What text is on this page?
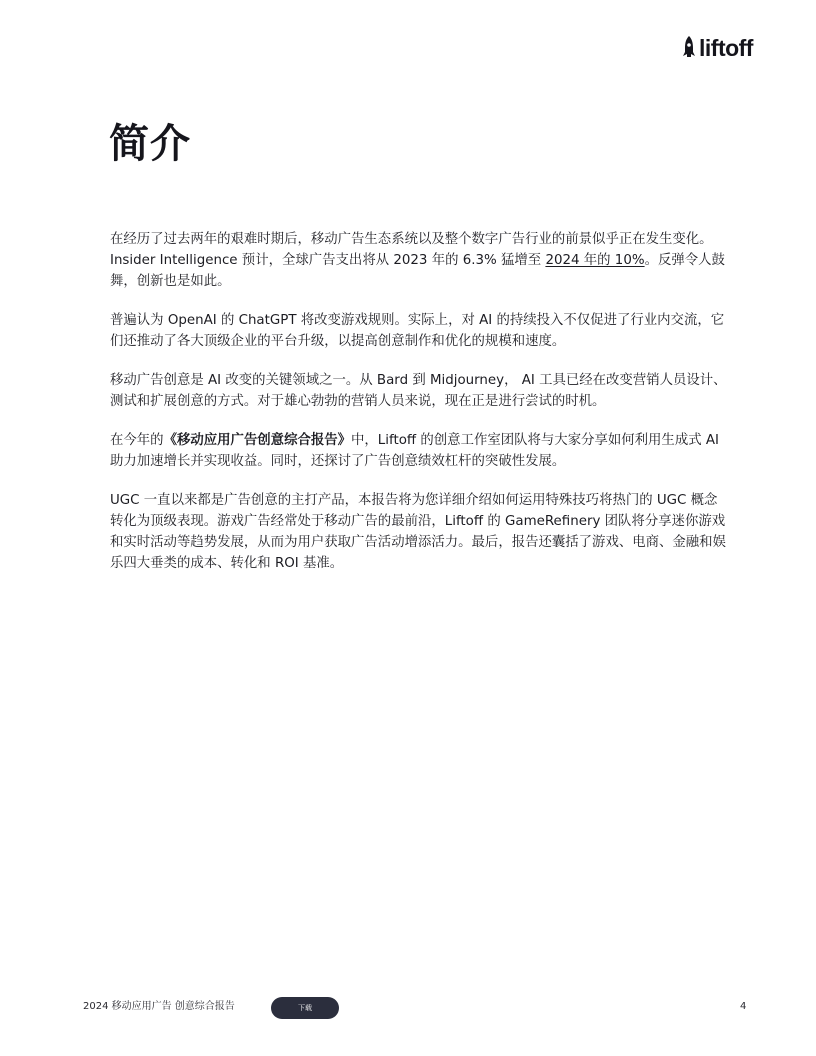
liftoff
简介

在经历了过去两年的艰难时期后，移动广告生态系统以及整个数字广告行业的前景似乎正在发生变化。Insider Intelligence 预计，全球广告支出将从 2023 年的 6.3% 猛增至 2024 年的 10%。反弹令人鼓舞，创新也是如此。

普遍认为 OpenAI 的 ChatGPT 将改变游戏规则。实际上，对 AI 的持续投入不仅促进了行业内交流，它们还推动了各大顶级企业的平台升级，以提高创意制作和优化的规模和速度。

移动广告创意是 AI 改变的关键领域之一。从 Bard 到 Midjourney， AI 工具已经在改变营销人员设计、测试和扩展创意的方式。对于雄心勃勃的营销人员来说，现在正是进行尝试的时机。

在今年的《移动应用广告创意综合报告》中，Liftoff 的创意工作室团队将与大家分享如何利用生成式 AI 助力加速增长并实现收益。同时，还探讨了广告创意绩效杠杆的突破性发展。

UGC 一直以来都是广告创意的主打产品，本报告将为您详细介绍如何运用特殊技巧将热门的 UGC 概念转化为顶级表现。游戏广告经常处于移动广告的最前沿，Liftoff 的 GameRefinery 团队将分享迷你游戏和实时活动等趋势发展，从而为用户获取广告活动增添活力。最后，报告还囊括了游戏、电商、金融和娱乐四大垂类的成本、转化和 ROI 基准。

2024 移动应用广告 创意综合报告	下载	4
